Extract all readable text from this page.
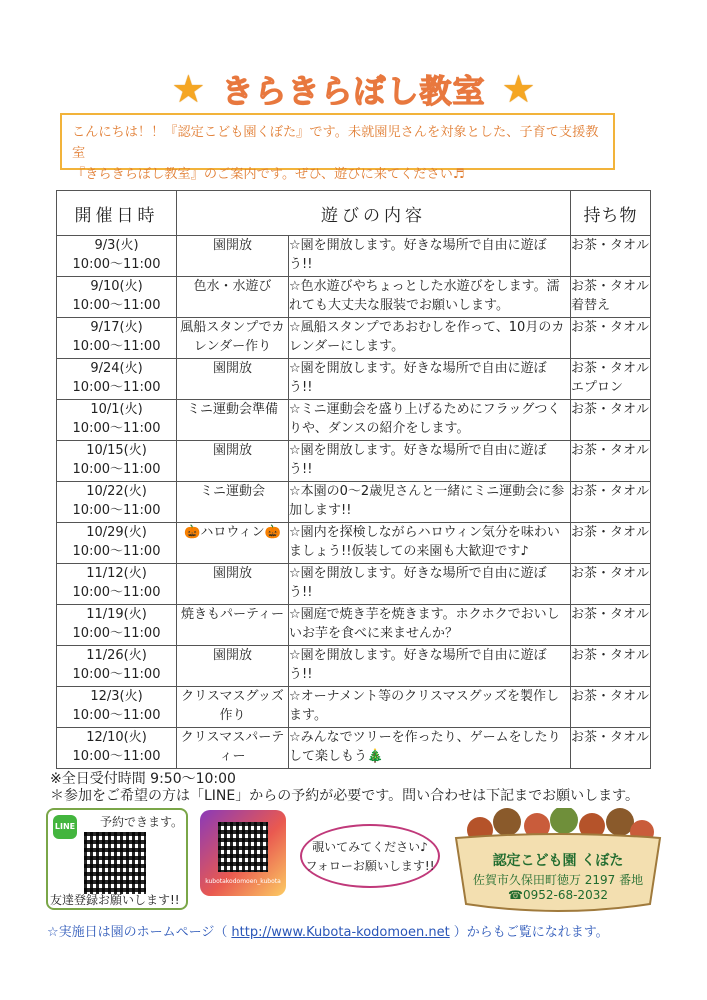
★ きらきらぼし教室 ★
こんにちは！！『認定こども園くぼた』です。未就園児さんを対象とした、子育て支援教室
『きらきらぼし教室』のご案内です。ぜひ、遊びに来てください♬
開催日時	遊びの内容		持ち物

9/3(火)
10:00～11:00	園開放	☆園を開放します。好きな場所で自由に遊ぼう!!	お茶・タオル

9/10(火)
10:00～11:00	色水・水遊び	☆色水遊びやちょっとした水遊びをします。濡れても大丈夫な服装でお願いします。	お茶・タオル 着替え

9/17(火)
10:00～11:00	風船スタンプでカレンダー作り	☆風船スタンプであおむしを作って、10月のカレンダーにします。	お茶・タオル

9/24(火)
10:00～11:00	園開放	☆園を開放します。好きな場所で自由に遊ぼう!!	お茶・タオル エプロン

10/1(火)
10:00～11:00	ミニ運動会準備	☆ミニ運動会を盛り上げるためにフラッグつくりや、ダンスの紹介をします。	お茶・タオル

10/15(火)
10:00～11:00	園開放	☆園を開放します。好きな場所で自由に遊ぼう!!	お茶・タオル

10/22(火)
10:00～11:00	ミニ運動会	☆本園の0～2歳児さんと一緒にミニ運動会に参加します!!	お茶・タオル

10/29(火)
10:00～11:00	🎃ハロウィン🎃	☆園内を探検しながらハロウィン気分を味わいましょう!!仮装しての来園も大歓迎です♪	お茶・タオル

11/12(火)
10:00～11:00	園開放	☆園を開放します。好きな場所で自由に遊ぼう!!	お茶・タオル

11/19(火)
10:00～11:00	焼きもパーティー	☆園庭で焼き芋を焼きます。ホクホクでおいしいお芋を食べに来ませんか？	お茶・タオル

11/26(火)
10:00～11:00	園開放	☆園を開放します。好きな場所で自由に遊ぼう!!	お茶・タオル

12/3(火)
10:00～11:00	クリスマスグッズ作り	☆オーナメント等のクリスマスグッズを製作します。	お茶・タオル

12/10(火)
10:00～11:00	クリスマスパーティー	☆みんなでツリーを作ったり、ゲームをしたりして楽しもう🎄	お茶・タオル
※全日受付時間 9:50～10:00
＊参加をご希望の方は「LINE」からの予約が必要です。問い合わせは下記までお願いします。
LINE 予約できます。
友達登録お願いします!!
kubotakodomoen_kubota
覗いてみてください♪
フォローお願いします!!	認定こども園 くぼた
佐賀市久保田町徳万 2197 番地
☎0952-68-2032
☆実施日は園のホームページ（ http://www.Kubota-kodomoen.net ）からもご覧になれます。
